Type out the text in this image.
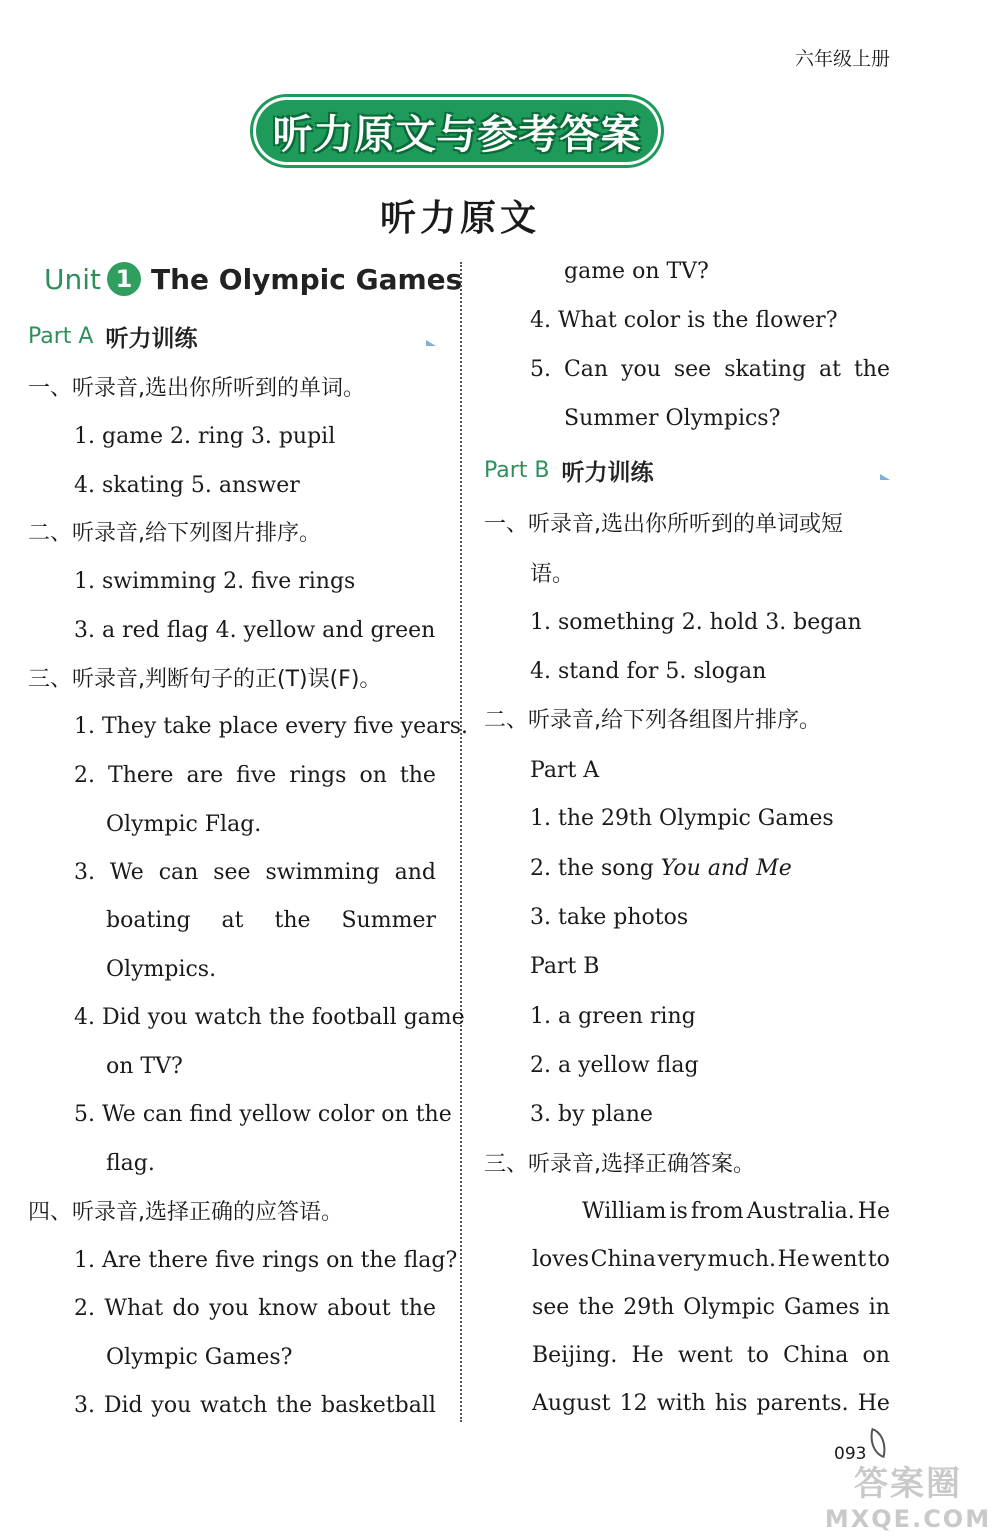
六年级上册
听力原文与参考答案
听力原文
Unit 1 The Olympic Games
Part A 听力训练
一、听录音,选出你所听到的单词。
1. game 2. ring 3. pupil
4. skating 5. answer
二、听录音,给下列图片排序。
1. swimming 2. five rings
3. a red flag 4. yellow and green
三、听录音,判断句子的正(T)误(F)。
1. They take place every five years.
2. There are five rings on the
Olympic Flag.
3. We can see swimming and
boating at the Summer
Olympics.
4. Did you watch the football game
on TV?
5. We can find yellow color on the
flag.
四、听录音,选择正确的应答语。
1. Are there five rings on the flag?
2. What do you know about the
Olympic Games?
3. Did you watch the basketball
game on TV?
4. What color is the flower?
5. Can you see skating at the
Summer Olympics?
Part B 听力训练
一、听录音,选出你所听到的单词或短
语。
1. something 2. hold 3. began
4. stand for 5. slogan
二、听录音,给下列各组图片排序。
Part A
1. the 29th Olympic Games
2. the song You and Me
3. take photos
Part B
1. a green ring
2. a yellow flag
3. by plane
三、听录音,选择正确答案。
William is from Australia. He
loves China very much. He went to
see the 29th Olympic Games in
Beijing. He went to China on
August 12 with his parents. He
093
答案圈
MXQE.COM
